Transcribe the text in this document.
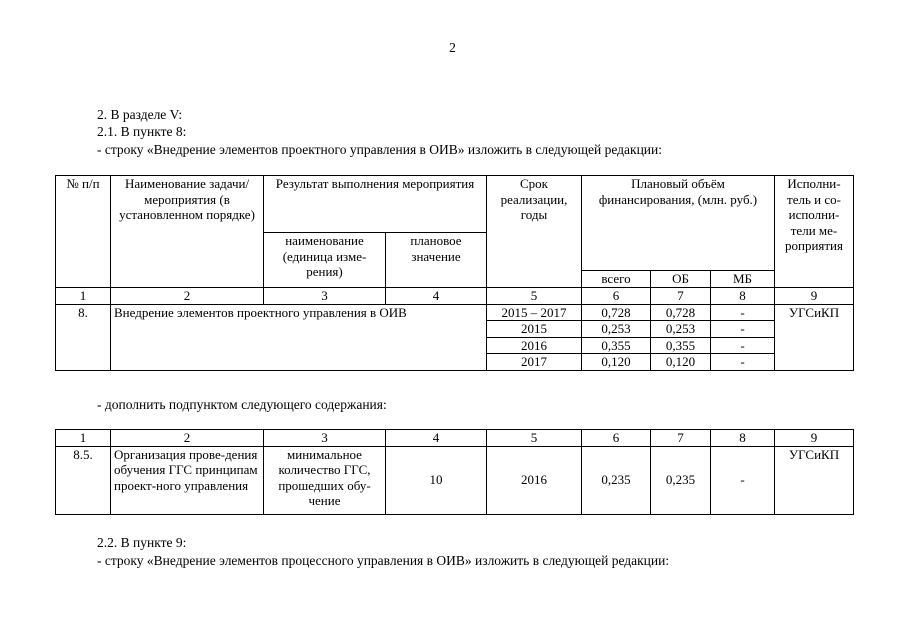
2
2. В разделе V:
2.1. В пункте 8:
- строку «Внедрение элементов проектного управления в ОИВ» изложить в следующей редакции:
№ п/п	Наименование задачи/ мероприятия (в установленном порядке)	Результат выполнения мероприятия		Срок реализации, годы	Плановый объём финансирования, (млн. руб.)			Исполни-тель и со-исполни-тели ме-роприятия
		наименование (единица изме-рения)	плановое значение					
					всего	ОБ	МБ	
1	2	3	4	5	6	7	8	9
8.	Внедрение элементов проектного управления в ОИВ			2015 – 2017	0,728	0,728	-	УГСиКП
				2015	0,253	0,253	-	
				2016	0,355	0,355	-	
				2017	0,120	0,120	-	
- дополнить подпунктом следующего содержания:
1	2	3	4	5	6	7	8	9
8.5.	Организация прове-дения обучения ГГС принципам проект-ного управления	минимальное количество ГГС, прошедших обу-чение	10	2016	0,235	0,235	-	УГСиКП
2.2. В пункте 9:
- строку «Внедрение элементов процессного управления в ОИВ» изложить в следующей редакции:
